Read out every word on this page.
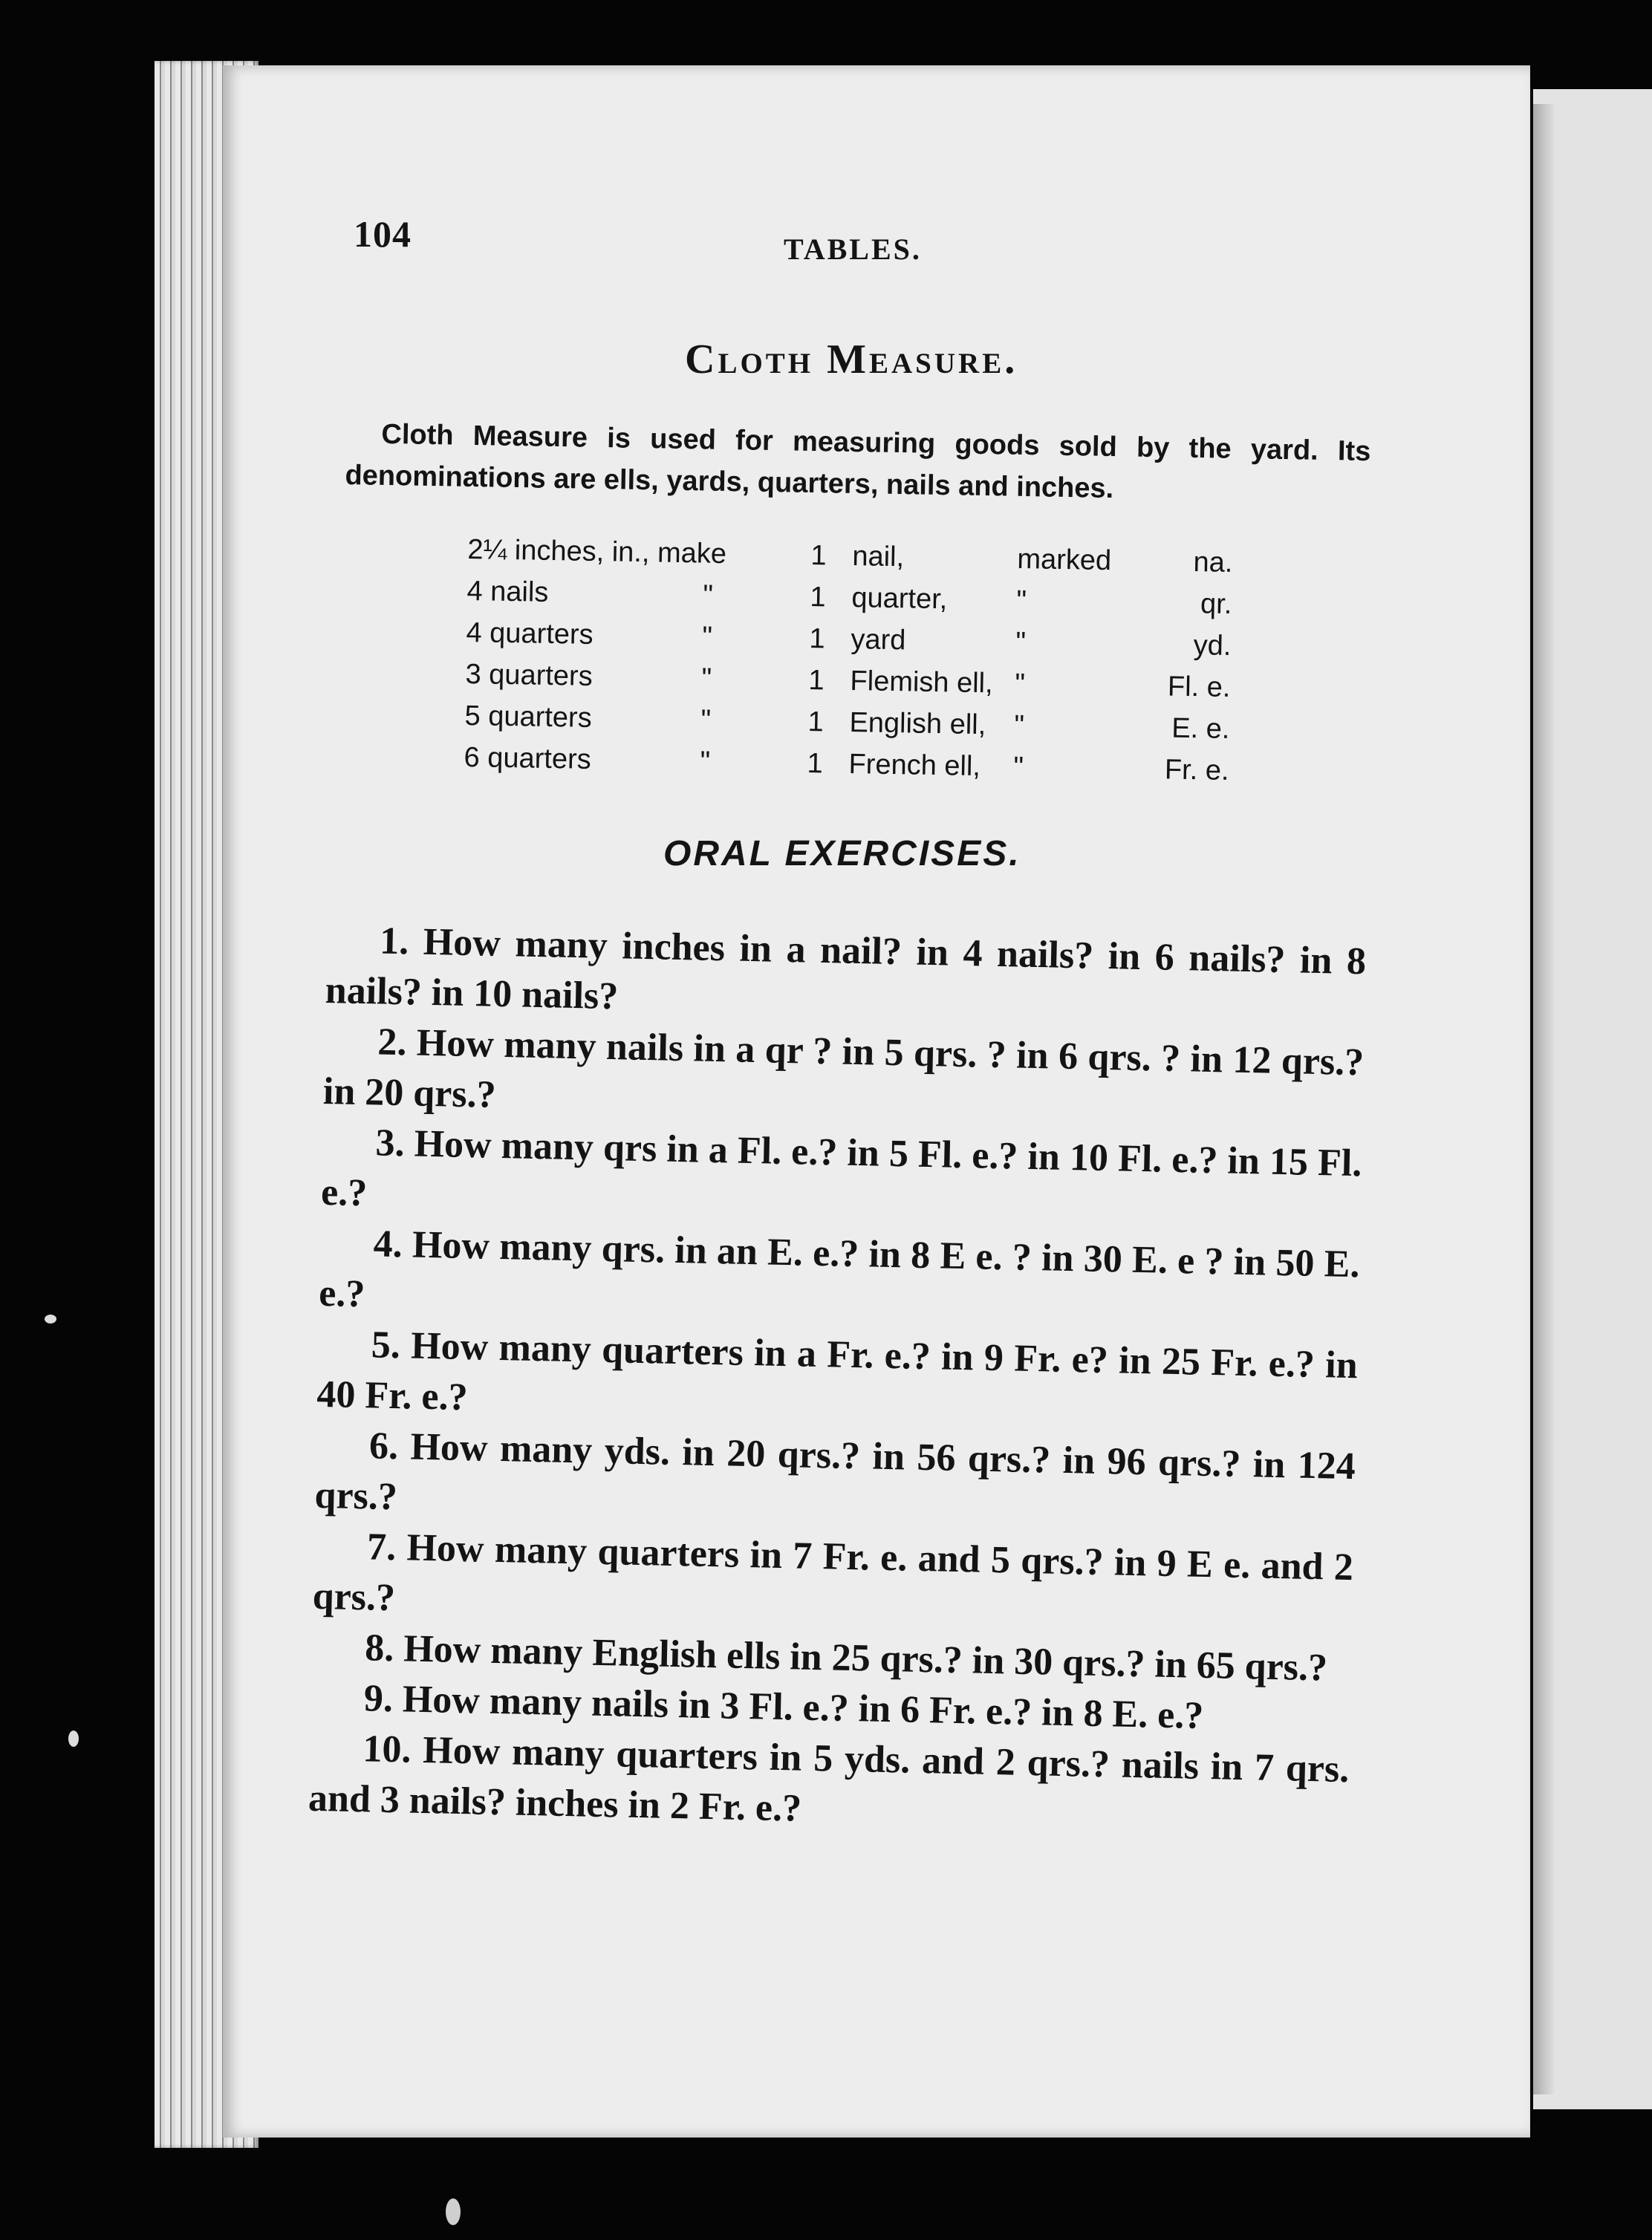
104	TABLES.
Cloth Measure.
Cloth Measure is used for measuring goods sold by the yard. Its denominations are ells, yards, quarters, nails and inches.
2¼ inches, in., make	1 nail,	marked	na.
4 nails	"	1 quarter, "	qr.
4 quarters	"	1 yard	"	yd.
3 quarters	"	1 Flemish ell, "	Fl. e.
5 quarters	"	1 English ell, "	E. e.
6 quarters	"	1 French ell, "	Fr. e.
ORAL EXERCISES.

1. How many inches in a nail? in 4 nails? in 6 nails? in 8 nails? in 10 nails?

2. How many nails in a qr ? in 5 qrs. ? in 6 qrs. ? in 12 qrs.? in 20 qrs.?

3. How many qrs in a Fl. e.? in 5 Fl. e.? in 10 Fl. e.? in 15 Fl. e.?

4. How many qrs. in an E. e.? in 8 E e. ? in 30 E. e ? in 50 E. e.?

5. How many quarters in a Fr. e.? in 9 Fr. e? in 25 Fr. e.? in 40 Fr. e.?

6. How many yds. in 20 qrs.? in 56 qrs.? in 96 qrs.? in 124 qrs.?

7. How many quarters in 7 Fr. e. and 5 qrs.? in 9 E e. and 2 qrs.?

8. How many English ells in 25 qrs.? in 30 qrs.? in 65 qrs.?

9. How many nails in 3 Fl. e.? in 6 Fr. e.? in 8 E. e.?

10. How many quarters in 5 yds. and 2 qrs.? nails in 7 qrs. and 3 nails? inches in 2 Fr. e.?
